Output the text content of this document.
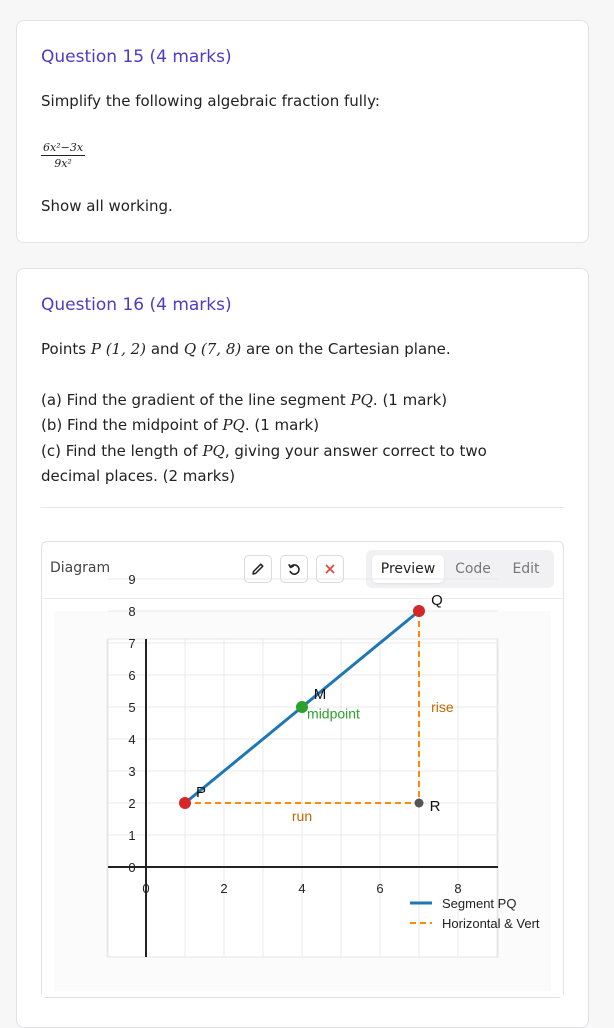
Question 15 (4 marks)
Simplify the following algebraic fraction fully:
$\frac{\text{6x²−3x}}{\text{9x²}}$
Show all working.
Question 16 (4 marks)
Points P (1, 2) and Q (7, 8) are on the Cartesian plane.
(a) Find the gradient of the line segment PQ. (1 mark)
(b) Find the midpoint of PQ. (1 mark)
(c) Find the length of PQ, giving your answer correct to two
decimal places. (2 marks)
Diagram	Preview	Code	Edit
0	2	4	6	8
0
1
2
3
4
5
6
7
8
9
P
Q
M
R
midpoint	rise
run
Segment PQ
Horizontal & Vert
